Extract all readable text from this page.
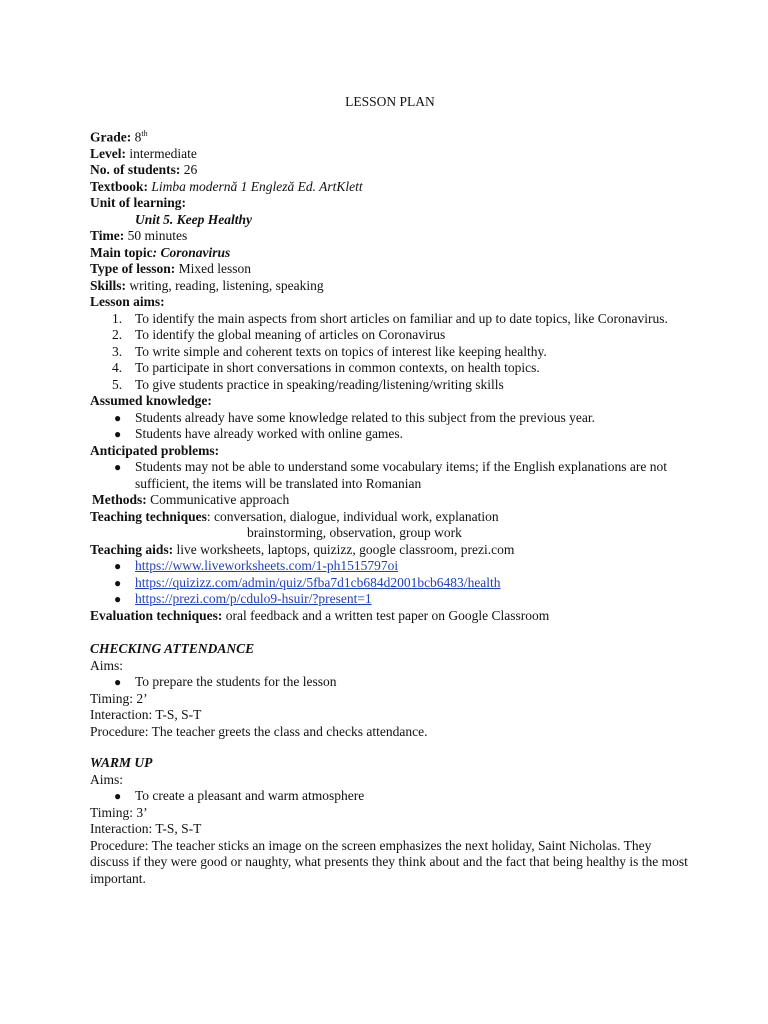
LESSON PLAN

Grade: 8th

Level: intermediate

No. of students: 26

Textbook: Limba modernă 1 Engleză Ed. ArtKlett

Unit of learning:

Unit 5. Keep Healthy

Time: 50 minutes

Main topic: Coronavirus

Type of lesson: Mixed lesson

Skills: writing, reading, listening, speaking

Lesson aims:

1. To identify the main aspects from short articles on familiar and up to date topics, like Coronavirus.
2. To identify the global meaning of articles on Coronavirus
3. To write simple and coherent texts on topics of interest like keeping healthy.
4. To participate in short conversations in common contexts, on health topics.
5. To give students practice in speaking/reading/listening/writing skills

Assumed knowledge:

● Students already have some knowledge related to this subject from the previous year.
● Students have already worked with online games.

Anticipated problems:

● Students may not be able to understand some vocabulary items; if the English explanations are not sufficient, the items will be translated into Romanian

Methods: Communicative approach

Teaching techniques: conversation, dialogue, individual work, explanation

brainstorming, observation, group work

Teaching aids: live worksheets, laptops, quizizz, google classroom, prezi.com

● https://www.liveworksheets.com/1-ph1515797oi
● https://quizizz.com/admin/quiz/5fba7d1cb684d2001bcb6483/health
● https://prezi.com/p/cdulo9-hsuir/?present=1

Evaluation techniques: oral feedback and a written test paper on Google Classroom

CHECKING ATTENDANCE

Aims:

● To prepare the students for the lesson

Timing: 2’

Interaction: T-S, S-T

Procedure: The teacher greets the class and checks attendance.

WARM UP

Aims:

● To create a pleasant and warm atmosphere

Timing: 3’

Interaction: T-S, S-T

Procedure: The teacher sticks an image on the screen emphasizes the next holiday, Saint Nicholas. They discuss if they were good or naughty, what presents they think about and the fact that being healthy is the most important.
